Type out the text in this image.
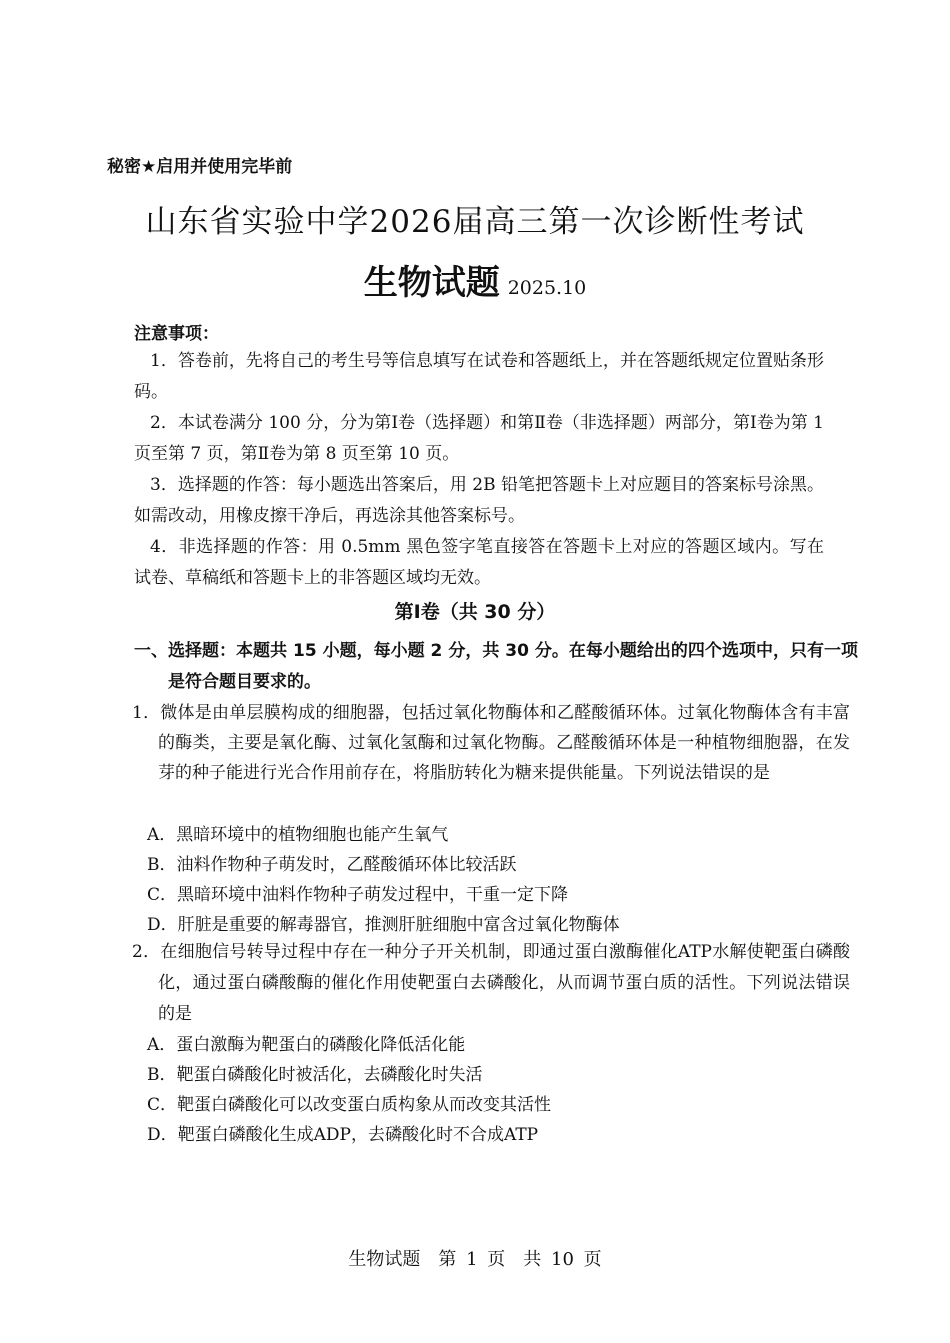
秘密★启用并使用完毕前
山东省实验中学2026届高三第一次诊断性考试
生物试题 2025.10
注意事项：
1．答卷前，先将自己的考生号等信息填写在试卷和答题纸上，并在答题纸规定位置贴条形码。
2．本试卷满分 100 分，分为第Ⅰ卷（选择题）和第Ⅱ卷（非选择题）两部分，第Ⅰ卷为第 1 页至第 7 页，第Ⅱ卷为第 8 页至第 10 页。
3．选择题的作答：每小题选出答案后，用 2B 铅笔把答题卡上对应题目的答案标号涂黑。如需改动，用橡皮擦干净后，再选涂其他答案标号。
4．非选择题的作答：用 0.5mm 黑色签字笔直接答在答题卡上对应的答题区域内。写在试卷、草稿纸和答题卡上的非答题区域均无效。
第Ⅰ卷（共 30 分）
一、选择题：本题共 15 小题，每小题 2 分，共 30 分。在每小题给出的四个选项中，只有一项是符合题目要求的。
1．微体是由单层膜构成的细胞器，包括过氧化物酶体和乙醛酸循环体。过氧化物酶体含有丰富的酶类，主要是氧化酶、过氧化氢酶和过氧化物酶。乙醛酸循环体是一种植物细胞器，在发芽的种子能进行光合作用前存在，将脂肪转化为糖来提供能量。下列说法错误的是
A．黑暗环境中的植物细胞也能产生氧气
B．油料作物种子萌发时，乙醛酸循环体比较活跃
C．黑暗环境中油料作物种子萌发过程中，干重一定下降
D．肝脏是重要的解毒器官，推测肝脏细胞中富含过氧化物酶体
2．在细胞信号转导过程中存在一种分子开关机制，即通过蛋白激酶催化ATP水解使靶蛋白磷酸化，通过蛋白磷酸酶的催化作用使靶蛋白去磷酸化，从而调节蛋白质的活性。下列说法错误的是
A．蛋白激酶为靶蛋白的磷酸化降低活化能
B．靶蛋白磷酸化时被活化，去磷酸化时失活
C．靶蛋白磷酸化可以改变蛋白质构象从而改变其活性
D．靶蛋白磷酸化生成ADP，去磷酸化时不合成ATP
生物试题　第 1 页　共 10 页
